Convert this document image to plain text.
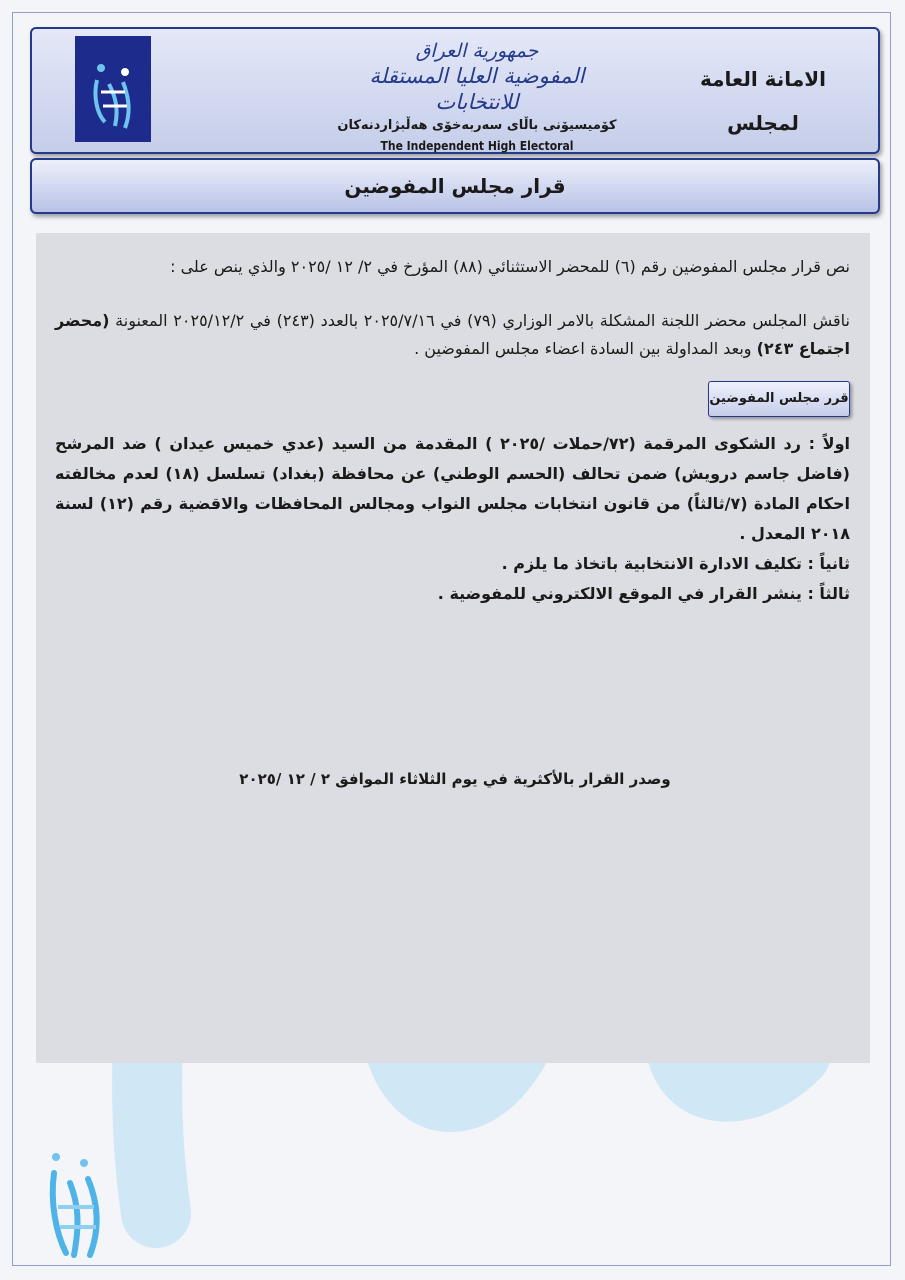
جمهورية العراق
المفوضية العليا المستقلة للانتخابات
کۆمیسیۆنی باڵای سەربەخۆی هەڵبژاردنەکان
The Independent High Electoral
الامانة العامة
لمجلس
قرار مجلس المفوضين

نص قرار مجلس المفوضين رقم (٦) للمحضر الاستثنائي (٨٨) المؤرخ في ٢/ ١٢ /٢٠٢٥ والذي ينص على :

ناقش المجلس محضر اللجنة المشكلة بالامر الوزاري (٧٩) في ٢٠٢٥/٧/١٦ بالعدد (٢٤٣) في ٢٠٢٥/١٢/٢ المعنونة (محضر اجتماع ٢٤٣) وبعد المداولة بين السادة اعضاء مجلس المفوضين .

قرر مجلس المفوضين

اولاً : رد الشكوى المرقمة (٧٢/حملات /٢٠٢٥ ) المقدمة من السيد (عدي خميس عيدان ) ضد المرشح (فاضل جاسم درويش) ضمن تحالف (الحسم الوطني) عن محافظة (بغداد) تسلسل (١٨) لعدم مخالفته احكام المادة (٧/ثالثاً) من قانون انتخابات مجلس النواب ومجالس المحافظات والاقضية رقم (١٢) لسنة ٢٠١٨ المعدل .

ثانياً : تكليف الادارة الانتخابية باتخاذ ما يلزم .

ثالثاً : ينشر القرار في الموقع الالكتروني للمفوضية .

وصدر القرار بالأكثرية في يوم الثلاثاء الموافق ٢ / ١٢ /٢٠٢٥
